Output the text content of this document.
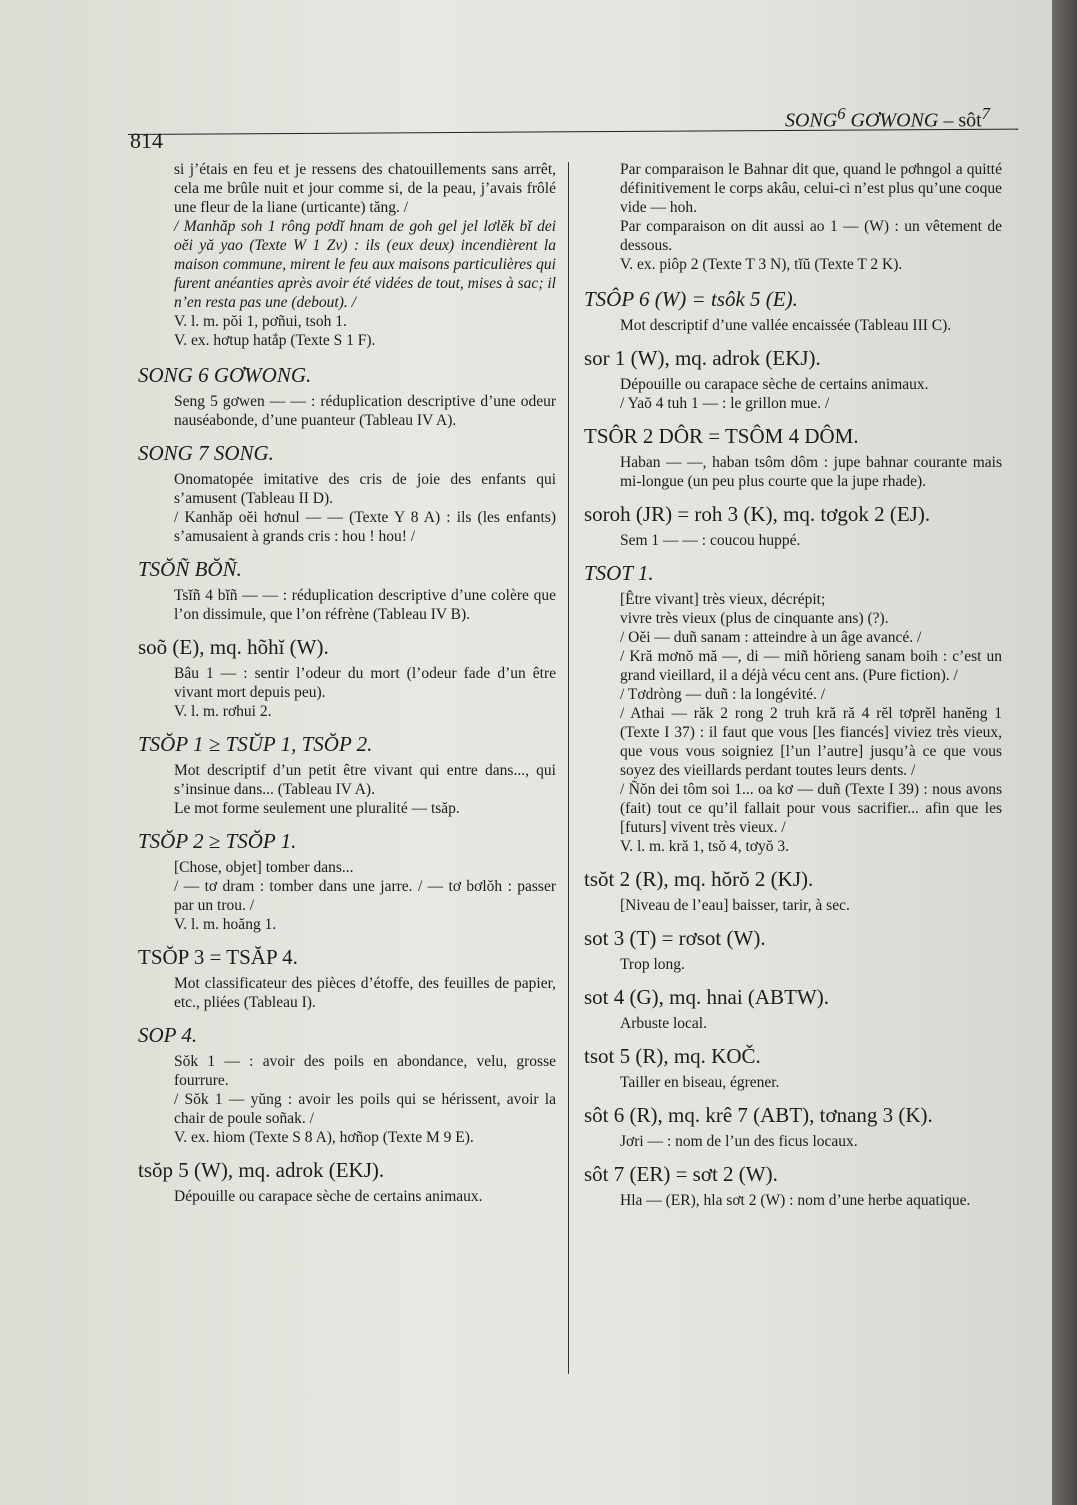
814
SONG$^6$ GƠWONG – sôt$^7$

si j’étais en feu et je ressens des chatouillements sans arrêt, cela me brûle nuit et jour comme si, de la peau, j’avais frôlé une fleur de la liane (urticante) tăng. /

/ Manhăp soh 1 rông pơdĭ hnam de goh gel jel lơlĕk bĭ dei oĕi yă yao (Texte W 1 Zv) : ils (eux deux) incendièrent la maison commune, mirent le feu aux maisons particulières qui furent anéanties après avoir été vidées de tout, mises à sac; il n’en resta pas une (debout). /

V. l. m. pŏi 1, pơñui, tsoh 1.

V. ex. hơtup hatắp (Texte S 1 F).

SONG 6 GƠWONG.

Seng 5 gơwen — — : réduplication descriptive d’une odeur nauséabonde, d’une puanteur (Tableau IV A).

SONG 7 SONG.

Onomatopée imitative des cris de joie des enfants qui s’amusent (Tableau II D).

/ Kanhăp oĕi hơnul — — (Texte Y 8 A) : ils (les enfants) s’amusaient à grands cris : hou ! hou! /

TSŎÑ BŎÑ.

Tsĭñ 4 bĭñ — — : réduplication descriptive d’une colère que l’on dissimule, que l’on réfrène (Tableau IV B).

soõ (E), mq. hõhĭ (W).

Bâu 1 — : sentir l’odeur du mort (l’odeur fade d’un être vivant mort depuis peu).

V. l. m. rơhui 2.

TSŎP 1 ≥ TSŬP 1, TSŎP 2.

Mot descriptif d’un petit être vivant qui entre dans..., qui s’insinue dans... (Tableau IV A).

Le mot forme seulement une pluralité — tsăp.

TSŎP 2 ≥ TSŎP 1.

[Chose, objet] tomber dans...

/ — tơ dram : tomber dans une jarre. / — tơ bơlŏh : passer par un trou. /

V. l. m. hoăng 1.

TSŎP 3 = TSĂP 4.

Mot classificateur des pièces d’étoffe, des feuilles de papier, etc., pliées (Tableau I).

SOP 4.

Sŏk 1 — : avoir des poils en abondance, velu, grosse fourrure.

/ Sŏk 1 — yŭng : avoir les poils qui se hérissent, avoir la chair de poule soñak. /

V. ex. hiom (Texte S 8 A), hơñop (Texte M 9 E).

tsŏp 5 (W), mq. adrok (EKJ).

Dépouille ou carapace sèche de certains animaux.

Par comparaison le Bahnar dit que, quand le pơhngol a quitté définitivement le corps akâu, celui-ci n’est plus qu’une coque vide — hoh.

Par comparaison on dit aussi ao 1 — (W) : un vêtement de dessous.

V. ex. piôp 2 (Texte T 3 N), tĭŭ (Texte T 2 K).

TSÔP 6 (W) = tsôk 5 (E).

Mot descriptif d’une vallée encaissée (Tableau III C).

sor 1 (W), mq. adrok (EKJ).

Dépouille ou carapace sèche de certains animaux.

/ Yaŏ 4 tuh 1 — : le grillon mue. /

TSÔR 2 DÔR = TSÔM 4 DÔM.

Haban — —, haban tsôm dôm : jupe bahnar courante mais mi-longue (un peu plus courte que la jupe rhade).

soroh (JR) = roh 3 (K), mq. tơgok 2 (EJ).

Sem 1 — — : coucou huppé.

TSOT 1.

[Être vivant] très vieux, décrépit;

vivre très vieux (plus de cinquante ans) (?).

/ Oĕi — duñ sanam : atteindre à un âge avancé. /

/ Kră mơnŏ mă —, di — miñ hŏrieng sanam boih : c’est un grand vieillard, il a déjà vécu cent ans. (Pure fiction). /

/ Tơdròng — duñ : la longévité. /

/ Athai — răk 2 rong 2 truh kră ră 4 rĕl tơprĕl hanĕng 1 (Texte I 37) : il faut que vous [les fiancés] viviez très vieux, que vous vous soigniez [l’un l’autre] jusqu’à ce que vous soyez des vieillards perdant toutes leurs dents. /

/ Ñŏn dei tôm soi 1... oa kơ — duñ (Texte I 39) : nous avons (fait) tout ce qu’il fallait pour vous sacrifier... afin que les [futurs] vivent très vieux. /

V. l. m. kră 1, tsŏ 4, tơyŏ 3.

tsŏt 2 (R), mq. hŏrŏ 2 (KJ).

[Niveau de l’eau] baisser, tarir, à sec.

sot 3 (T) = rơsot (W).

Trop long.

sot 4 (G), mq. hnai (ABTW).

Arbuste local.

tsot 5 (R), mq. KOČ.

Tailler en biseau, égrener.

sôt 6 (R), mq. krê 7 (ABT), tơnang 3 (K).

Jơri — : nom de l’un des ficus locaux.

sôt 7 (ER) = sơt 2 (W).

Hla — (ER), hla sơt 2 (W) : nom d’une herbe aquatique.
